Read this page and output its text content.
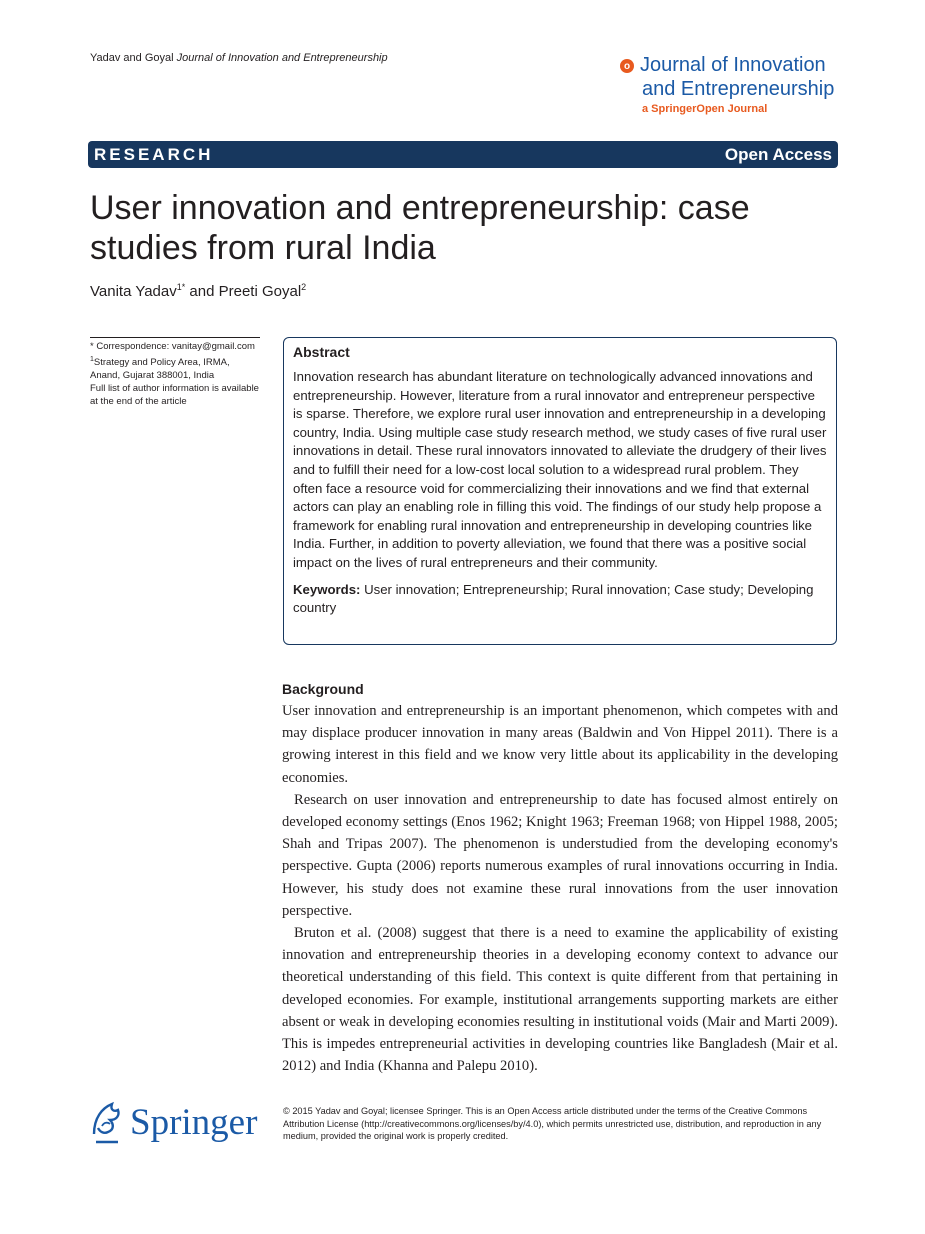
Yadav and Goyal Journal of Innovation and Entrepreneurship
o Journal of Innovation
and Entrepreneurship
a SpringerOpen Journal
RESEARCH	Open Access
User innovation and entrepreneurship: case studies from rural India
Vanita Yadav$^{1*}$ and Preeti Goyal$^2$
* Correspondence: vanitay@gmail.com
$^1$Strategy and Policy Area, IRMA, Anand, Gujarat 388001, India
Full list of author information is available at the end of the article
Abstract

Innovation research has abundant literature on technologically advanced innovations and entrepreneurship. However, literature from a rural innovator and entrepreneur perspective is sparse. Therefore, we explore rural user innovation and entrepreneurship in a developing country, India. Using multiple case study research method, we study cases of five rural user innovations in detail. These rural innovators innovated to alleviate the drudgery of their lives and to fulfill their need for a low-cost local solution to a widespread rural problem. They often face a resource void for commercializing their innovations and we find that external actors can play an enabling role in filling this void. The findings of our study help propose a framework for enabling rural innovation and entrepreneurship in developing countries like India. Further, in addition to poverty alleviation, we found that there was a positive social impact on the lives of rural entrepreneurs and their community.

Keywords: User innovation; Entrepreneurship; Rural innovation; Case study; Developing country
Background

User innovation and entrepreneurship is an important phenomenon, which competes with and may displace producer innovation in many areas (Baldwin and Von Hippel 2011). There is a growing interest in this field and we know very little about its applicability in the developing economies.

Research on user innovation and entrepreneurship to date has focused almost entirely on developed economy settings (Enos 1962; Knight 1963; Freeman 1968; von Hippel 1988, 2005; Shah and Tripas 2007). The phenomenon is understudied from the developing economy's perspective. Gupta (2006) reports numerous examples of rural innovations occurring in India. However, his study does not examine these rural innovations from the user innovation perspective.

Bruton et al. (2008) suggest that there is a need to examine the applicability of existing innovation and entrepreneurship theories in a developing economy context to advance our theoretical understanding of this field. This context is quite different from that pertaining in developed economies. For example, institutional arrangements supporting markets are either absent or weak in developing economies resulting in institutional voids (Mair and Marti 2009). This is impedes entrepreneurial activities in developing countries like Bangladesh (Mair et al. 2012) and India (Khanna and Palepu 2010).

Springer	© 2015 Yadav and Goyal; licensee Springer. This is an Open Access article distributed under the terms of the Creative Commons Attribution License (http://creativecommons.org/licenses/by/4.0), which permits unrestricted use, distribution, and reproduction in any medium, provided the original work is properly credited.
